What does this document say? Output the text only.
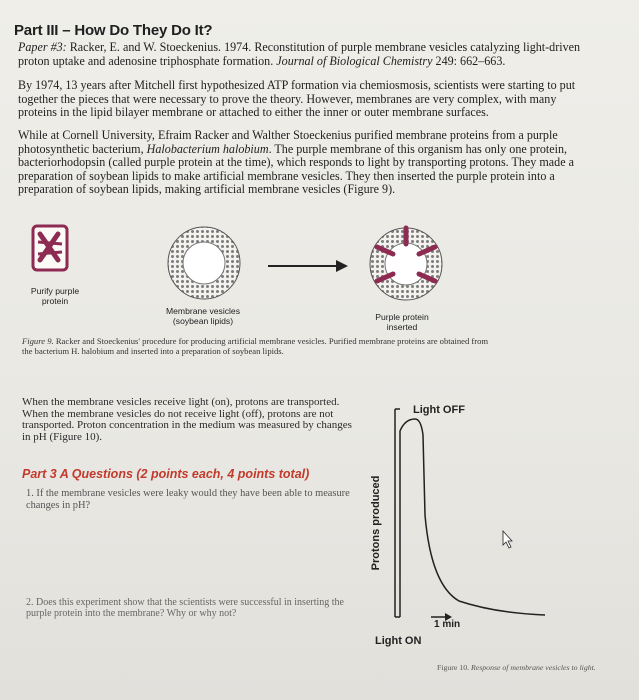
Part III – How Do They Do It?
Paper #3: Racker, E. and W. Stoeckenius. 1974. Reconstitution of purple membrane vesicles catalyzing light-driven proton uptake and adenosine triphosphate formation. Journal of Biological Chemistry 249: 662–663.
By 1974, 13 years after Mitchell first hypothesized ATP formation via chemiosmosis, scientists were starting to put together the pieces that were necessary to prove the theory. However, membranes are very complex, with many proteins in the lipid bilayer membrane or attached to either the inner or outer membrane surfaces.
While at Cornell University, Efraim Racker and Walther Stoeckenius purified membrane proteins from a purple photosynthetic bacterium, Halobacterium halobium. The purple membrane of this organism has only one protein, bacteriorhodopsin (called purple protein at the time), which responds to light by transporting protons. They made a preparation of soybean lipids to make artificial membrane vesicles. They then inserted the purple protein into a preparation of soybean lipids, making artificial membrane vesicles (Figure 9).
Purify purple protein
Membrane vesicles (soybean lipids)	Purple protein inserted
Figure 9. Racker and Stoeckenius' procedure for producing artificial membrane vesicles. Purified membrane proteins are obtained from the bacterium H. halobium and inserted into a preparation of soybean lipids.
When the membrane vesicles receive light (on), protons are transported. When the membrane vesicles do not receive light (off), protons are not transported. Proton concentration in the medium was measured by changes in pH (Figure 10).
Part 3 A Questions (2 points each, 4 points total)
1. If the membrane vesicles were leaky would they have been able to measure changes in pH?
2. Does this experiment show that the scientists were successful in inserting the purple protein into the membrane? Why or why not?
Protons produced
1 min
Light OFF
Light ON
Figure 10. Response of membrane vesicles to light.
